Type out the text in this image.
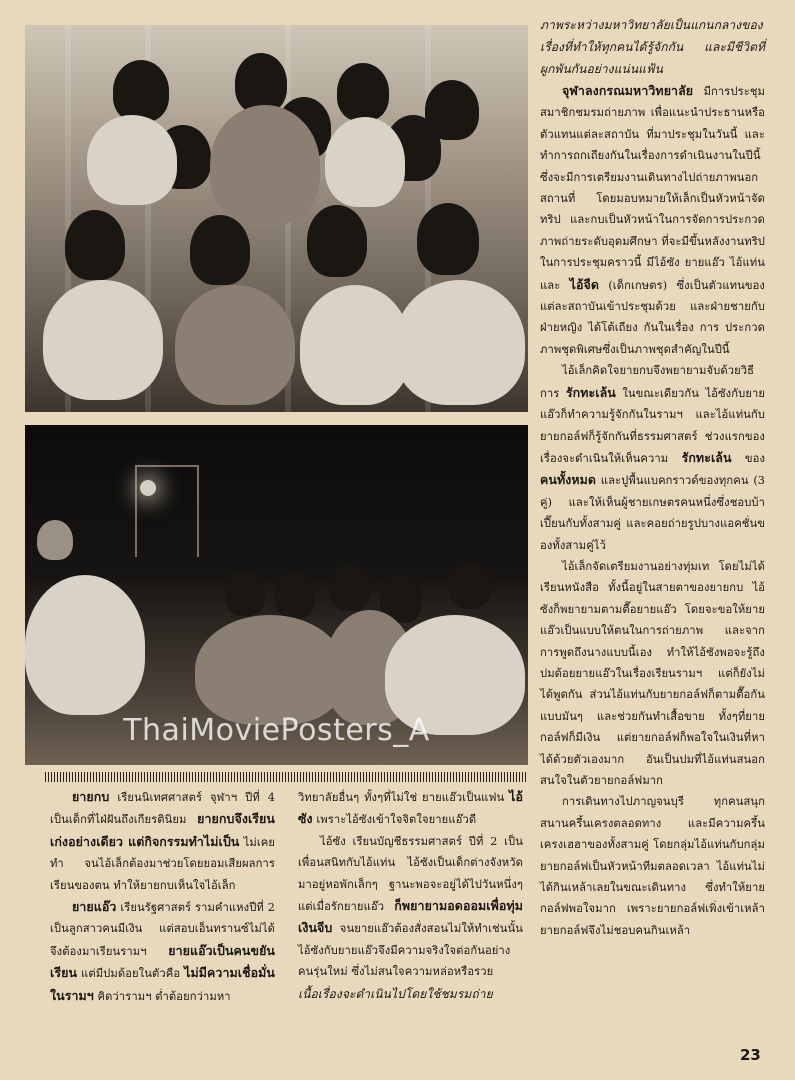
ThaiMoviePosters_A

ภาพระหว่างมหาวิทยาลัยเป็นแกนกลางของเรื่องที่ทำให้ทุกคนได้รู้จักกัน และมีชีวิตที่ผูกพันกันอย่างแน่นแฟ้น

จุฬาลงกรณมหาวิทยาลัย มีการประชุมสมาชิกชมรมถ่ายภาพ เพื่อแนะนำประธานหรือตัวแทนแต่ละสถาบัน ที่มาประชุมในวันนี้ และทำการถกเถียงกันในเรื่องการดำเนินงานในปีนี้ ซึ่งจะมีการเตรียมงานเดินทางไปถ่ายภาพนอกสถานที่ โดยมอบหมายให้เล็กเป็นหัวหน้าจัดทริป และกบเป็นหัวหน้าในการจัดการประกวดภาพถ่ายระดับอุดมศึกษา ที่จะมีขึ้นหลังงานทริป ในการประชุมคราวนี้ มีไอ้ซัง ยายแอ๊ว ไอ้แท่น และ ไอ้จืด (เด็กเกษตร) ซึ่งเป็นตัวแทนของแต่ละสถาบันเข้าประชุมด้วย และฝ่ายชายกับฝ่ายหญิง ได้โต้เถียง กันในเรื่อง การ ประกวดภาพชุดพิเศษซึ่งเป็นภาพชุดสำคัญในปีนี้

ไอ้เล็กคิดใจยายกบจึงพยายามจับด้วยวิธีการ รักทะเล้น ในขณะเดียวกัน ไอ้ซังกับยายแอ๊วก็ทำความรู้จักกันในรามฯ และไอ้แท่นกับยายกอล์ฟก็รู้จักกันที่ธรรมศาสตร์ ช่วงแรกของเรื่องจะดำเนินให้เห็นความ รักทะเล้น ของ คนทั้งหมด และปูพื้นแบคกราวด์ของทุกคน (3 คู่) และให้เห็นผู้ชายเกษตรคนหนึ่งซึ่งชอบบ้าเปี๊ยนกับทั้งสามคู่ และคอยถ่ายรูปบางแอคชั่นของทั้งสามคู่ไว้

ไอ้เล็กจัดเตรียมงานอย่างทุ่มเท โดยไม่ได้เรียนหนังสือ ทั้งนี้อยู่ในสายตาของยายกบ ไอ้ซังก็พยายามตามตื๊อยายแอ๊ว โดยจะขอให้ยายแอ๊วเป็นแบบให้ตนในการถ่ายภาพ และจากการพูดถึงนางแบบนี้เอง ทำให้ไอ้ซังพอจะรู้ถึงปมด้อยยายแอ๊วในเรื่องเรียนรามฯ แต่ก็ยังไม่ได้พูดกัน ส่วนไอ้แท่นกับยายกอล์ฟก็ตามตื๊อกันแบบมันๆ และช่วยกันทำเสื้อขาย ทั้งๆที่ยายกอล์ฟก็มีเงิน แต่ยายกอล์ฟก็พอใจในเงินที่หาได้ด้วยตัวเองมาก อันเป็นปมที่ไอ้แท่นสนอกสนใจในตัวยายกอล์ฟมาก

การเดินทางไปภาญจนบุรี ทุกคนสนุกสนานครึ้นเครงตลอดทาง และมีความครึ้นเครงเฮฮาของทั้งสามคู่ โดยกลุ่มไอ้แท่นกับกลุ่มยายกอล์ฟเป็นหัวหน้าทีมตลอดเวลา ไอ้แท่นไม่ได้กินเหล้าเลยในขณะเดินทาง ซึ่งทำให้ยายกอล์ฟพอใจมาก เพราะยายกอล์ฟเพิ่งเข้าเหล้า ยายกอล์ฟจึงไม่ชอบคนกินเหล้า

ยายกบ เรียนนิเทศศาสตร์ จุฬาฯ ปีที่ 4 เป็นเด็กที่ไฝ่ฝันถึงเกียรตินิยม ยายกบจึงเรียนเก่งอย่างเดียว แต่กิจกรรมทำไม่เป็น ไม่เคยทำ จนไอ้เล็กต้องมาช่วยโดยยอมเสียผลการเรียนของตน ทำให้ยายกบเห็นใจไอ้เล็ก

ยายแอ๊ว เรียนรัฐศาสตร์ รามคำแหงปีที่ 2 เป็นลูกสาวคนมีเงิน แต่สอบเอ็นทรานซ์ไม่ได้ จึงต้องมาเรียนรามฯ ยายแอ๊วเป็นคนขยันเรียน แต่มีปมด้อยในตัวคือ ไม่มีความเชื่อมั่นในรามฯ คิดว่ารามฯ ต่ำต้อยกว่ามหา

วิทยาลัยอื่นๆ ทั้งๆที่ไม่ใช่ ยายแอ๊วเป็นแฟน ไอ้ซัง เพราะไอ้ซังเข้าใจจิตใจยายแอ๊วดี

ไอ้ซัง เรียนบัญชีธรรมศาสตร์ ปีที่ 2 เป็นเพื่อนสนิทกับไอ้แท่น ไอ้ซังเป็นเด็กต่างจังหวัดมาอยู่หอพักเล็กๆ ฐานะพอจะอยู่ได้ไปวันหนึ่งๆ แต่เมื่อรักยายแอ๊ว ก็พยายามอดออมเพื่อทุ่มเงินจีบ จนยายแอ๊วต้องสั่งสอนไม่ให้ทำเช่นนั้น ไอ้ซังกับยายแอ๊วจึงมีความจริงใจต่อกันอย่างคนรุ่นใหม่ ซึ่งไม่สนใจความหล่อหรือรวย

เนื้อเรื่องจะดำเนินไปโดยใช้ชมรมถ่าย

23
